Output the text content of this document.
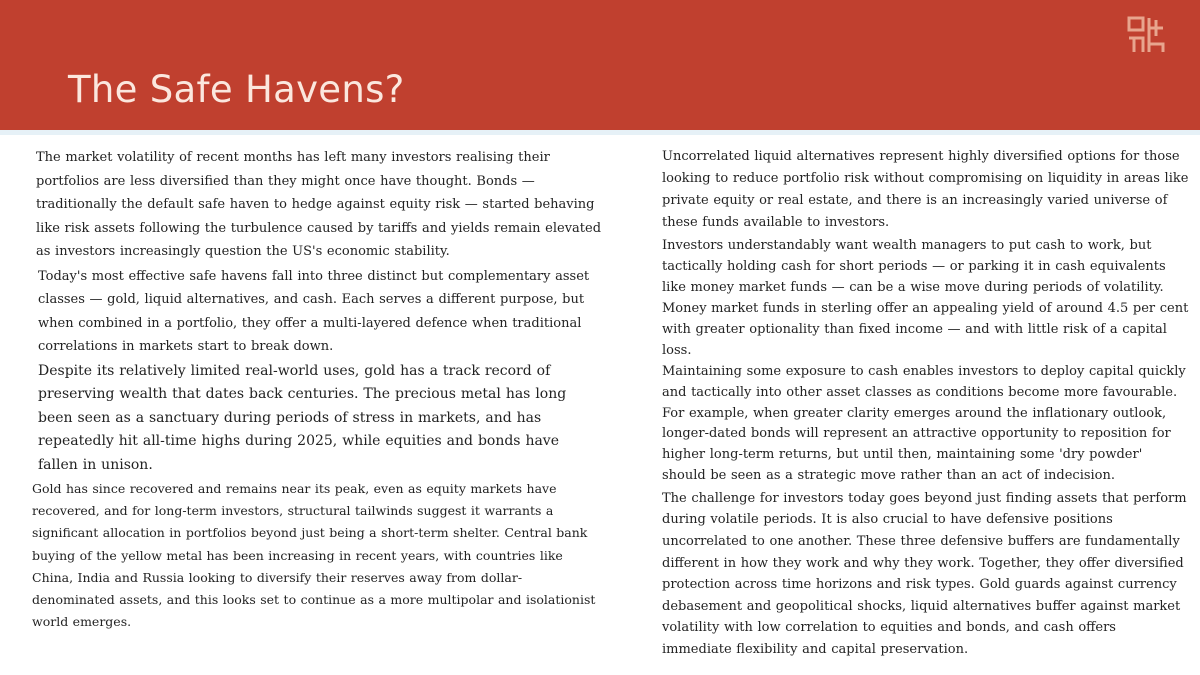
The Safe Havens?

The market volatility of recent months has left many investors realising their portfolios are less diversified than they might once have thought. Bonds — traditionally the default safe haven to hedge against equity risk — started behaving like risk assets following the turbulence caused by tariffs and yields remain elevated as investors increasingly question the US's economic stability.

Today's most effective safe havens fall into three distinct but complementary asset classes — gold, liquid alternatives, and cash. Each serves a different purpose, but when combined in a portfolio, they offer a multi-layered defence when traditional correlations in markets start to break down.

Despite its relatively limited real-world uses, gold has a track record of preserving wealth that dates back centuries. The precious metal has long been seen as a sanctuary during periods of stress in markets, and has repeatedly hit all-time highs during 2025, while equities and bonds have fallen in unison.

Gold has since recovered and remains near its peak, even as equity markets have recovered, and for long-term investors, structural tailwinds suggest it warrants a significant allocation in portfolios beyond just being a short-term shelter. Central bank buying of the yellow metal has been increasing in recent years, with countries like China, India and Russia looking to diversify their reserves away from dollar-denominated assets, and this looks set to continue as a more multipolar and isolationist world emerges.

Uncorrelated liquid alternatives represent highly diversified options for those looking to reduce portfolio risk without compromising on liquidity in areas like private equity or real estate, and there is an increasingly varied universe of these funds available to investors.

Investors understandably want wealth managers to put cash to work, but tactically holding cash for short periods — or parking it in cash equivalents like money market funds — can be a wise move during periods of volatility. Money market funds in sterling offer an appealing yield of around 4.5 per cent with greater optionality than fixed income — and with little risk of a capital loss.

Maintaining some exposure to cash enables investors to deploy capital quickly and tactically into other asset classes as conditions become more favourable. For example, when greater clarity emerges around the inflationary outlook, longer-dated bonds will represent an attractive opportunity to reposition for higher long-term returns, but until then, maintaining some 'dry powder' should be seen as a strategic move rather than an act of indecision.

The challenge for investors today goes beyond just finding assets that perform during volatile periods. It is also crucial to have defensive positions uncorrelated to one another. These three defensive buffers are fundamentally different in how they work and why they work. Together, they offer diversified protection across time horizons and risk types. Gold guards against currency debasement and geopolitical shocks, liquid alternatives buffer against market volatility with low correlation to equities and bonds, and cash offers immediate flexibility and capital preservation.
